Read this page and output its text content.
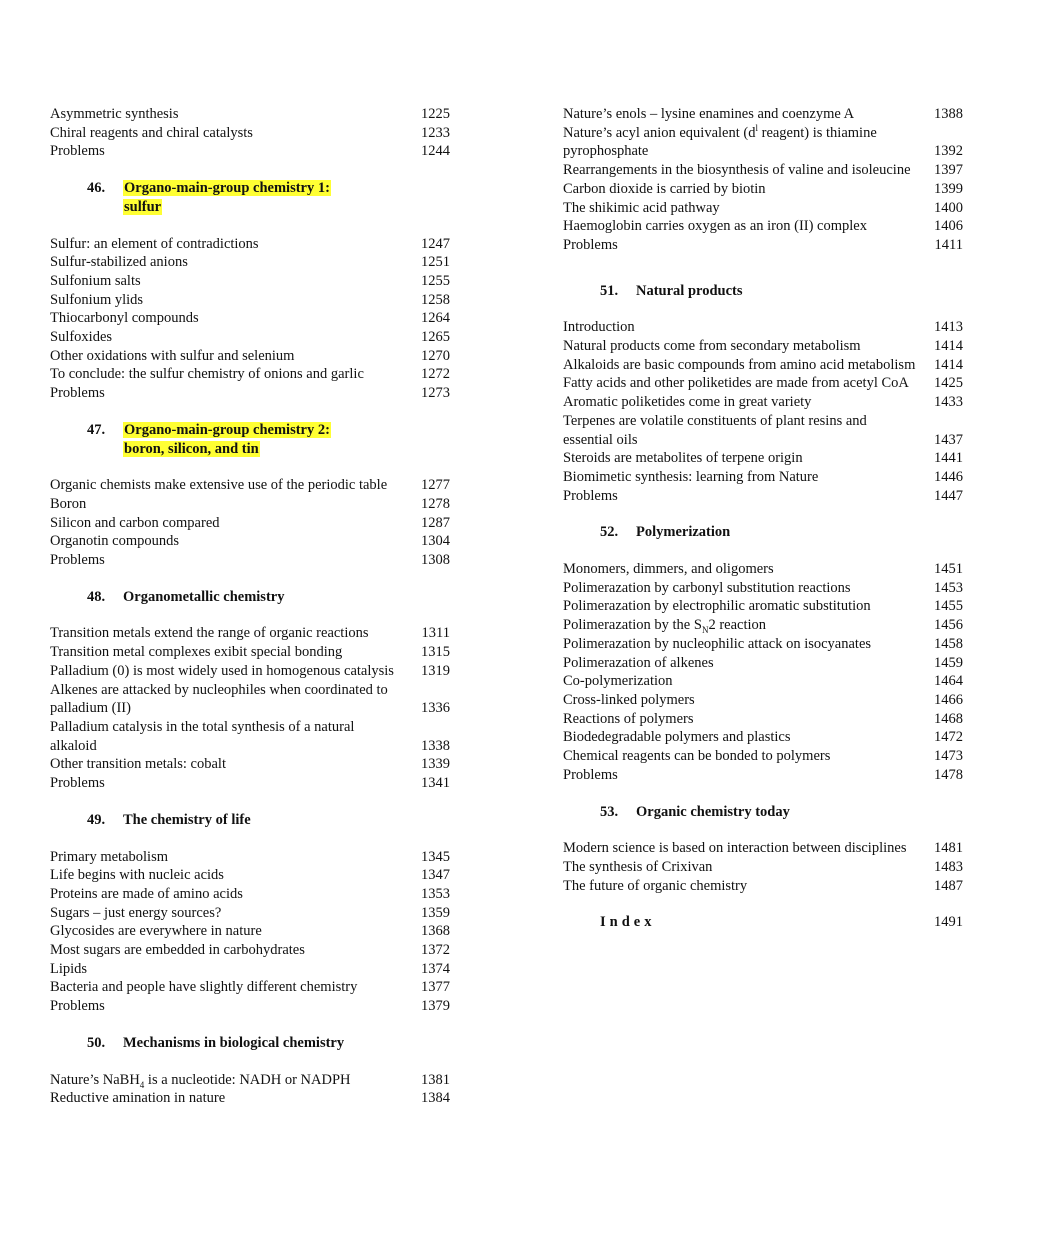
Asymmetric synthesis	1225
Chiral reagents and chiral catalysts	1233
Problems	1244
46.	Organo-main-group chemistry 1:
sulfur
Sulfur: an element of contradictions	1247
Sulfur-stabilized anions	1251
Sulfonium salts	1255
Sulfonium ylids	1258
Thiocarbonyl compounds	1264
Sulfoxides	1265
Other oxidations with sulfur and selenium	1270
To conclude: the sulfur chemistry of onions and garlic	1272
Problems	1273
47.	Organo-main-group chemistry 2:
boron, silicon, and tin
Organic chemists make extensive use of the periodic table	1277
Boron	1278
Silicon and carbon compared	1287
Organotin compounds	1304
Problems	1308
48.	Organometallic chemistry
Transition metals extend the range of organic reactions	1311
Transition metal complexes exibit special bonding	1315
Palladium (0) is most widely used in homogenous catalysis	1319
Alkenes are attacked by nucleophiles when coordinated to palladium (II)	1336
Palladium catalysis in the total synthesis of a natural alkaloid	1338
Other transition metals: cobalt	1339
Problems	1341
49.	The chemistry of life
Primary metabolism	1345
Life begins with nucleic acids	1347
Proteins are made of amino acids	1353
Sugars – just energy sources?	1359
Glycosides are everywhere in nature	1368
Most sugars are embedded in carbohydrates	1372
Lipids	1374
Bacteria and people have slightly different chemistry	1377
Problems	1379
50.	Mechanisms in biological chemistry
Nature’s NaBH$_4$ is a nucleotide: NADH or NADPH	1381
Reductive amination in nature	1384
Nature’s enols – lysine enamines and coenzyme A	1388
Nature’s acyl anion equivalent ($d^l$ reagent) is thiamine pyrophosphate	1392
Rearrangements in the biosynthesis of valine and isoleucine	1397
Carbon dioxide is carried by biotin	1399
The shikimic acid pathway	1400
Haemoglobin carries oxygen as an iron (II) complex	1406
Problems	1411
51.	Natural products
Introduction	1413
Natural products come from secondary metabolism	1414
Alkaloids are basic compounds from amino acid metabolism	1414
Fatty acids and other poliketides are made from acetyl CoA	1425
Aromatic poliketides come in great variety	1433
Terpenes are volatile constituents of plant resins and essential oils	1437
Steroids are metabolites of terpene origin	1441
Biomimetic synthesis: learning from Nature	1446
Problems	1447
52.	Polymerization
Monomers, dimmers, and oligomers	1451
Polimerazation by carbonyl substitution reactions	1453
Polimerazation by electrophilic aromatic substitution	1455
Polimerazation by the $S_N2$ reaction	1456
Polimerazation by nucleophilic attack on isocyanates	1458
Polimerazation of alkenes	1459
Co-polymerization	1464
Cross-linked polymers	1466
Reactions of polymers	1468
Biodedegradable polymers and plastics	1472
Chemical reagents can be bonded to polymers	1473
Problems	1478
53.	Organic chemistry today
Modern science is based on interaction between disciplines	1481
The synthesis of Crixivan	1483
The future of organic chemistry	1487
Index	1491
